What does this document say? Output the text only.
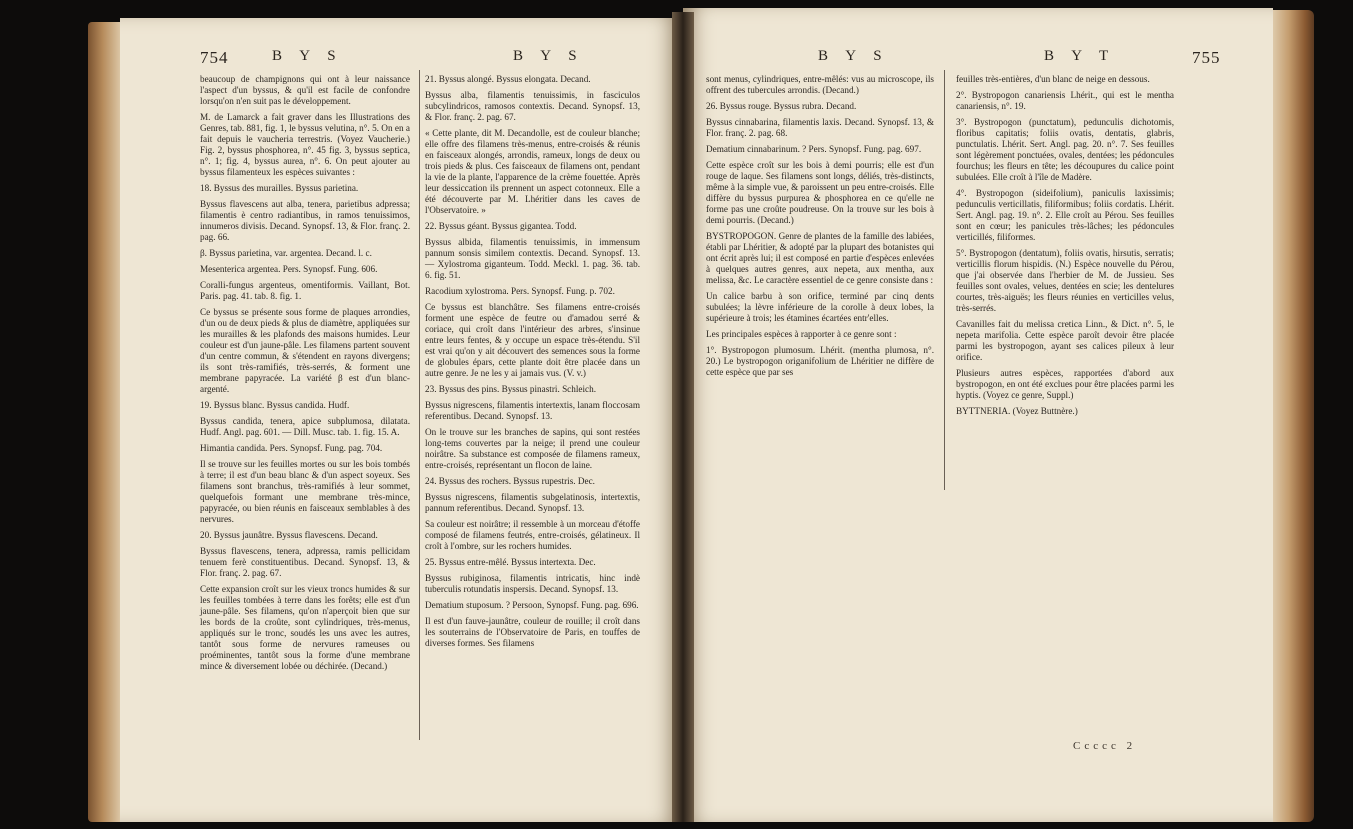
754	B Y S	B Y S	B Y S	B Y T	755

beaucoup de champignons qui ont à leur naissance l'aspect d'un byssus, & qu'il est facile de confondre lorsqu'on n'en suit pas le développement.

M. de Lamarck a fait graver dans les Illustrations des Genres, tab. 881, fig. 1, le byssus velutina, n°. 5. On en a fait depuis le vaucheria terrestris. (Voyez Vaucherie.) Fig. 2, byssus phosphorea, n°. 45 fig. 3, byssus septica, n°. 1; fig. 4, byssus aurea, n°. 6. On peut ajouter au byssus filamenteux les espèces suivantes :

18. Byssus des murailles. Byssus parietina.

Byssus flavescens aut alba, tenera, parietibus adpressa; filamentis è centro radiantibus, in ramos tenuissimos, innumeros divisis. Decand. Synopsf. 13, & Flor. franç. 2. pag. 66.

β. Byssus parietina, var. argentea. Decand. l. c.

Mesenterica argentea. Pers. Synopsf. Fung. 606.

Coralli-fungus argenteus, omentiformis. Vaillant, Bot. Paris. pag. 41. tab. 8. fig. 1.

Ce byssus se présente sous forme de plaques arrondies, d'un ou de deux pieds & plus de diamètre, appliquées sur les murailles & les plafonds des maisons humides. Leur couleur est d'un jaune-pâle. Les filamens partent souvent d'un centre commun, & s'étendent en rayons divergens; ils sont très-ramifiés, très-serrés, & forment une membrane papyracée. La variété β est d'un blanc-argenté.

19. Byssus blanc. Byssus candida. Hudf.

Byssus candida, tenera, apice subplumosa, dilatata. Hudf. Angl. pag. 601. — Dill. Musc. tab. 1. fig. 15. A.

Himantia candida. Pers. Synopsf. Fung. pag. 704.

Il se trouve sur les feuilles mortes ou sur les bois tombés à terre; il est d'un beau blanc & d'un aspect soyeux. Ses filamens sont branchus, très-ramifiés à leur sommet, quelquefois formant une membrane très-mince, papyracée, ou bien réunis en faisceaux semblables à des nervures.

20. Byssus jaunâtre. Byssus flavescens. Decand.

Byssus flavescens, tenera, adpressa, ramis pellicidam tenuem ferè constituentibus. Decand. Synopsf. 13, & Flor. franç. 2. pag. 67.

Cette expansion croît sur les vieux troncs humides & sur les feuilles tombées à terre dans les forêts; elle est d'un jaune-pâle. Ses filamens, qu'on n'aperçoit bien que sur les bords de la croûte, sont cylindriques, très-menus, appliqués sur le tronc, soudés les uns avec les autres, tantôt sous forme de nervures rameuses ou proéminentes, tantôt sous la forme d'une membrane mince & diversement lobée ou déchirée. (Decand.)

21. Byssus alongé. Byssus elongata. Decand.

Byssus alba, filamentis tenuissimis, in fasciculos subcylindricos, ramosos contextis. Decand. Synopsf. 13, & Flor. franç. 2. pag. 67.

« Cette plante, dit M. Decandolle, est de couleur blanche; elle offre des filamens très-menus, entre-croisés & réunis en faisceaux alongés, arrondis, rameux, longs de deux ou trois pieds & plus. Ces faisceaux de filamens ont, pendant la vie de la plante, l'apparence de la crème fouettée. Après leur dessiccation ils prennent un aspect cotonneux. Elle a été découverte par M. Lhéritier dans les caves de l'Observatoire. »

22. Byssus géant. Byssus gigantea. Todd.

Byssus albida, filamentis tenuissimis, in immensum pannum sonsis similem contextis. Decand. Synopsf. 13. — Xylostroma giganteum. Todd. Meckl. 1. pag. 36. tab. 6. fig. 51.

Racodium xylostroma. Pers. Synopsf. Fung. p. 702.

Ce byssus est blanchâtre. Ses filamens entre-croisés forment une espèce de feutre ou d'amadou serré & coriace, qui croît dans l'intérieur des arbres, s'insinue entre leurs fentes, & y occupe un espace très-étendu. S'il est vrai qu'on y ait découvert des semences sous la forme de globules épars, cette plante doit être placée dans un autre genre. Je ne les y ai jamais vus. (V. v.)

23. Byssus des pins. Byssus pinastri. Schleich.

Byssus nigrescens, filamentis intertextis, lanam floccosam referentibus. Decand. Synopsf. 13.

On le trouve sur les branches de sapins, qui sont restées long-tems couvertes par la neige; il prend une couleur noirâtre. Sa substance est composée de filamens rameux, entre-croisés, représentant un flocon de laine.

24. Byssus des rochers. Byssus rupestris. Dec.

Byssus nigrescens, filamentis subgelatinosis, intertextis, pannum referentibus. Decand. Synopsf. 13.

Sa couleur est noirâtre; il ressemble à un morceau d'étoffe composé de filamens feutrés, entre-croisés, gélatineux. Il croît à l'ombre, sur les rochers humides.

25. Byssus entre-mêlé. Byssus intertexta. Dec.

Byssus rubiginosa, filamentis intricatis, hinc indè tuberculis rotundatis inspersis. Decand. Synopsf. 13.

Dematium stuposum. ? Persoon, Synopsf. Fung. pag. 696.

Il est d'un fauve-jaunâtre, couleur de rouille; il croît dans les souterrains de l'Observatoire de Paris, en touffes de diverses formes. Ses filamens

sont menus, cylindriques, entre-mêlés: vus au microscope, ils offrent des tubercules arrondis. (Decand.)

26. Byssus rouge. Byssus rubra. Decand.

Byssus cinnabarina, filamentis laxis. Decand. Synopsf. 13, & Flor. franç. 2. pag. 68.

Dematium cinnabarinum. ? Pers. Synopsf. Fung. pag. 697.

Cette espèce croît sur les bois à demi pourris; elle est d'un rouge de laque. Ses filamens sont longs, déliés, très-distincts, même à la simple vue, & paroissent un peu entre-croisés. Elle diffère du byssus purpurea & phosphorea en ce qu'elle ne forme pas une croûte poudreuse. On la trouve sur les bois à demi pourris. (Decand.)

BYSTROPOGON. Genre de plantes de la famille des labiées, établi par Lhéritier, & adopté par la plupart des botanistes qui ont écrit après lui; il est composé en partie d'espèces enlevées à quelques autres genres, aux nepeta, aux mentha, aux melissa, &c. Le caractère essentiel de ce genre consiste dans :

Un calice barbu à son orifice, terminé par cinq dents subulées; la lèvre inférieure de la corolle à deux lobes, la supérieure à trois; les étamines écartées entr'elles.

Les principales espèces à rapporter à ce genre sont :

1°. Bystropogon plumosum. Lhérit. (mentha plumosa, n°. 20.) Le bystropogon origanifolium de Lhéritier ne diffère de cette espèce que par ses

feuilles très-entières, d'un blanc de neige en dessous.

2°. Bystropogon canariensis Lhérit., qui est le mentha canariensis, n°. 19.

3°. Bystropogon (punctatum), pedunculis dichotomis, floribus capitatis; foliis ovatis, dentatis, glabris, punctulatis. Lhérit. Sert. Angl. pag. 20. n°. 7. Ses feuilles sont légèrement ponctuées, ovales, dentées; les pédoncules fourchus; les fleurs en tête; les découpures du calice point subulées. Elle croît à l'île de Madère.

4°. Bystropogon (sideifolium), paniculis laxissimis; pedunculis verticillatis, filiformibus; foliis cordatis. Lhérit. Sert. Angl. pag. 19. n°. 2. Elle croît au Pérou. Ses feuilles sont en cœur; les panicules très-lâches; les pédoncules verticillés, filiformes.

5°. Bystropogon (dentatum), foliis ovatis, hirsutis, serratis; verticillis florum hispidis. (N.) Espèce nouvelle du Pérou, que j'ai observée dans l'herbier de M. de Jussieu. Ses feuilles sont ovales, velues, dentées en scie; les dentelures courtes, très-aiguës; les fleurs réunies en verticilles velus, très-serrés.

Cavanilles fait du melissa cretica Linn., & Dict. n°. 5, le nepeta marifolia. Cette espèce paroît devoir être placée parmi les bystropogon, ayant ses calices pileux à leur orifice.

Plusieurs autres espèces, rapportées d'abord aux bystropogon, en ont été exclues pour être placées parmi les hyptis. (Voyez ce genre, Suppl.)

BYTTNERIA. (Voyez Buttnère.)

Ccccc 2
